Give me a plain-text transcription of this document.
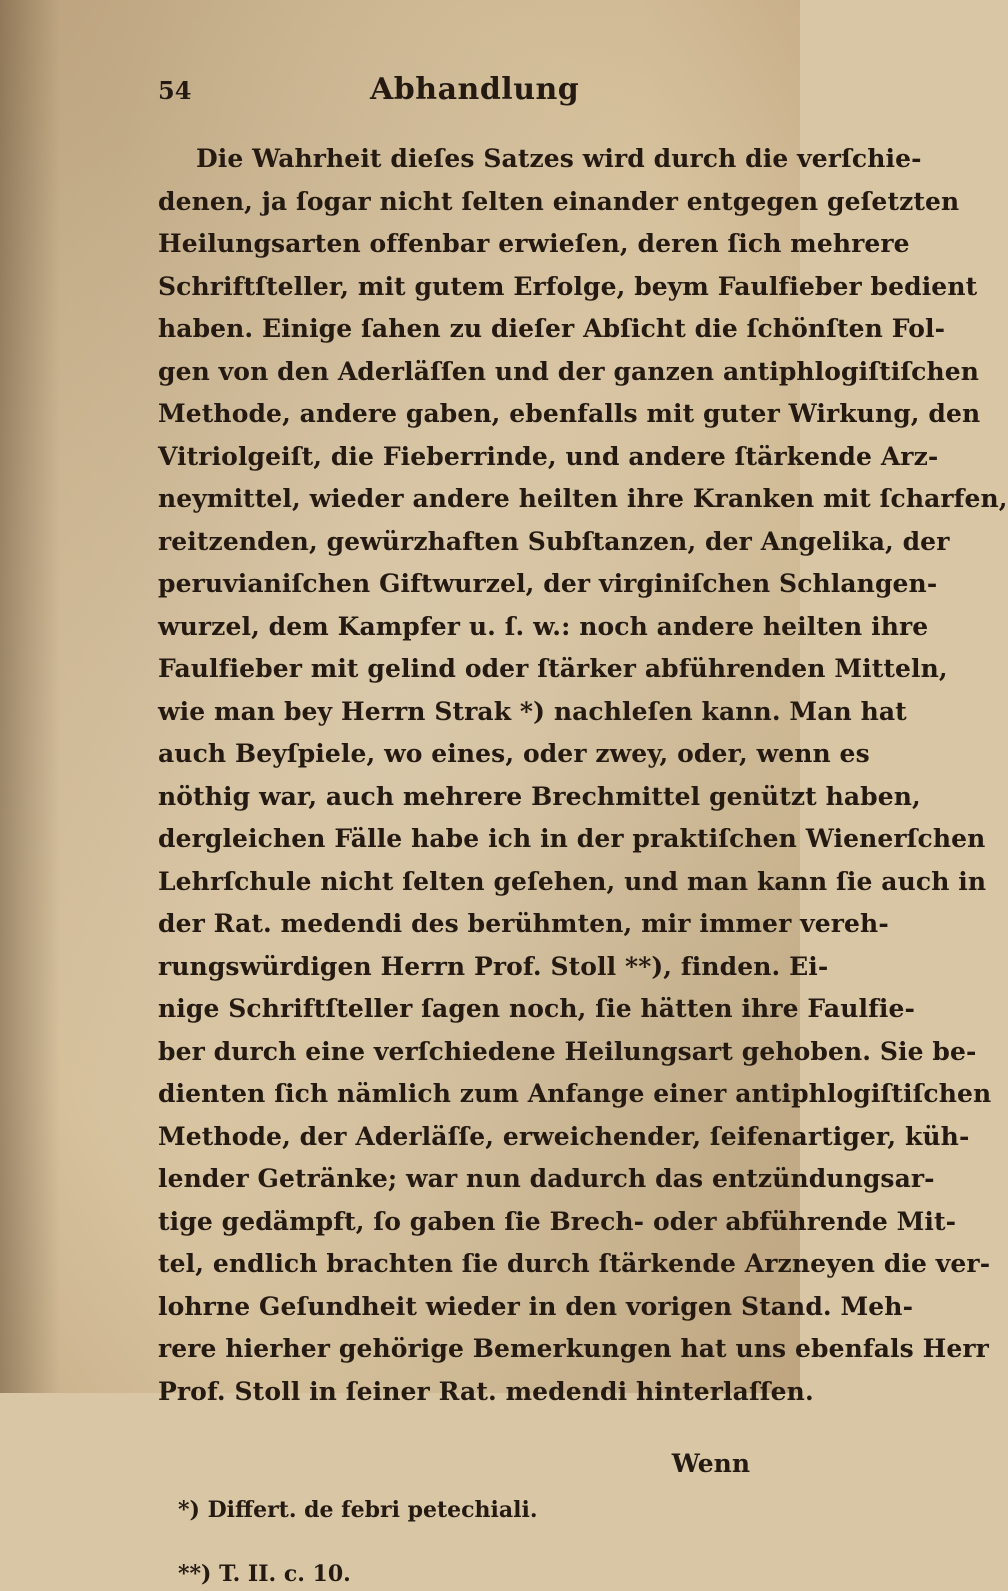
54	Abhandlung
Die Wahrheit dieſes Satzes wird durch die verſchie-
denen, ja ſogar nicht ſelten einander entgegen geſetzten
Heilungsarten offenbar erwieſen, deren ſich mehrere
Schriftſteller, mit gutem Erfolge, beym Faulfieber bedient
haben. Einige ſahen zu dieſer Abſicht die ſchönſten Fol-
gen von den Aderläſſen und der ganzen antiphlogiſtiſchen
Methode, andere gaben, ebenfalls mit guter Wirkung, den
Vitriolgeiſt, die Fieberrinde, und andere ſtärkende Arz-
neymittel, wieder andere heilten ihre Kranken mit ſcharfen,
reitzenden, gewürzhaften Subſtanzen, der Angelika, der
peruvianiſchen Giftwurzel, der virginiſchen Schlangen-
wurzel, dem Kampfer u. ſ. w.: noch andere heilten ihre
Faulfieber mit gelind oder ſtärker abführenden Mitteln,
wie man bey Herrn Strak *) nachleſen kann. Man hat
auch Beyſpiele, wo eines, oder zwey, oder, wenn es
nöthig war, auch mehrere Brechmittel genützt haben,
dergleichen Fälle habe ich in der praktiſchen Wienerſchen
Lehrſchule nicht ſelten geſehen, und man kann ſie auch in
der Rat. medendi des berühmten, mir immer vereh-
rungswürdigen Herrn Prof. Stoll **), finden. Ei-
nige Schriftſteller ſagen noch, ſie hätten ihre Faulfie-
ber durch eine verſchiedene Heilungsart gehoben. Sie be-
dienten ſich nämlich zum Anfange einer antiphlogiſtiſchen
Methode, der Aderläſſe, erweichender, ſeifenartiger, küh-
lender Getränke; war nun dadurch das entzündungsar-
tige gedämpft, ſo gaben ſie Brech- oder abführende Mit-
tel, endlich brachten ſie durch ſtärkende Arzneyen die ver-
lohrne Geſundheit wieder in den vorigen Stand. Meh-
rere hierher gehörige Bemerkungen hat uns ebenfals Herr
Prof. Stoll in ſeiner Rat. medendi hinterlaſſen.
Wenn
*) Differt. de febri petechiali.
**) T. II. c. 10.
